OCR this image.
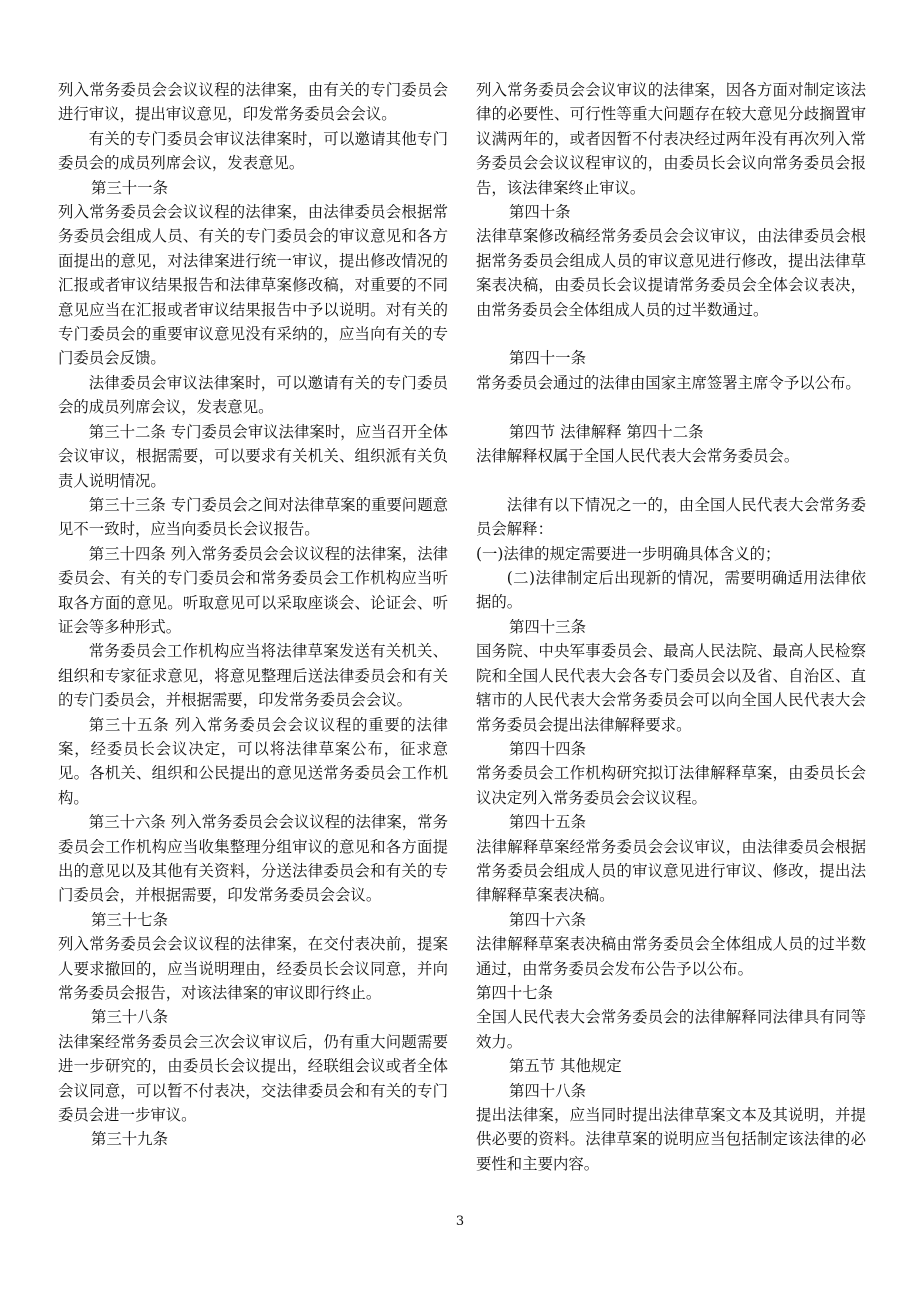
列入常务委员会会议议程的法律案，由有关的专门委员会进行审议，提出审议意见，印发常务委员会会议。

有关的专门委员会审议法律案时，可以邀请其他专门委员会的成员列席会议，发表意见。

第三十一条

列入常务委员会会议议程的法律案，由法律委员会根据常务委员会组成人员、有关的专门委员会的审议意见和各方面提出的意见，对法律案进行统一审议，提出修改情况的汇报或者审议结果报告和法律草案修改稿，对重要的不同意见应当在汇报或者审议结果报告中予以说明。对有关的专门委员会的重要审议意见没有采纳的，应当向有关的专门委员会反馈。

法律委员会审议法律案时，可以邀请有关的专门委员会的成员列席会议，发表意见。

第三十二条 专门委员会审议法律案时，应当召开全体会议审议，根据需要，可以要求有关机关、组织派有关负责人说明情况。

第三十三条 专门委员会之间对法律草案的重要问题意见不一致时，应当向委员长会议报告。

第三十四条 列入常务委员会会议议程的法律案，法律委员会、有关的专门委员会和常务委员会工作机构应当听取各方面的意见。听取意见可以采取座谈会、论证会、听证会等多种形式。

常务委员会工作机构应当将法律草案发送有关机关、组织和专家征求意见，将意见整理后送法律委员会和有关的专门委员会，并根据需要，印发常务委员会会议。

第三十五条 列入常务委员会会议议程的重要的法律案，经委员长会议决定，可以将法律草案公布，征求意见。各机关、组织和公民提出的意见送常务委员会工作机构。

第三十六条 列入常务委员会会议议程的法律案，常务委员会工作机构应当收集整理分组审议的意见和各方面提出的意见以及其他有关资料，分送法律委员会和有关的专门委员会，并根据需要，印发常务委员会会议。

第三十七条

列入常务委员会会议议程的法律案，在交付表决前，提案人要求撤回的，应当说明理由，经委员长会议同意，并向常务委员会报告，对该法律案的审议即行终止。

第三十八条

法律案经常务委员会三次会议审议后，仍有重大问题需要进一步研究的，由委员长会议提出，经联组会议或者全体会议同意，可以暂不付表决，交法律委员会和有关的专门委员会进一步审议。

第三十九条

列入常务委员会会议审议的法律案，因各方面对制定该法律的必要性、可行性等重大问题存在较大意见分歧搁置审议满两年的，或者因暂不付表决经过两年没有再次列入常务委员会会议议程审议的，由委员长会议向常务委员会报告，该法律案终止审议。

第四十条

法律草案修改稿经常务委员会会议审议，由法律委员会根据常务委员会组成人员的审议意见进行修改，提出法律草案表决稿，由委员长会议提请常务委员会全体会议表决，由常务委员会全体组成人员的过半数通过。

第四十一条

常务委员会通过的法律由国家主席签署主席令予以公布。

第四节 法律解释 第四十二条

法律解释权属于全国人民代表大会常务委员会。

法律有以下情况之一的，由全国人民代表大会常务委员会解释：

(一)法律的规定需要进一步明确具体含义的；

(二)法律制定后出现新的情况，需要明确适用法律依据的。

第四十三条

国务院、中央军事委员会、最高人民法院、最高人民检察院和全国人民代表大会各专门委员会以及省、自治区、直辖市的人民代表大会常务委员会可以向全国人民代表大会常务委员会提出法律解释要求。

第四十四条

常务委员会工作机构研究拟订法律解释草案，由委员长会议决定列入常务委员会会议议程。

第四十五条

法律解释草案经常务委员会会议审议，由法律委员会根据常务委员会组成人员的审议意见进行审议、修改，提出法律解释草案表决稿。

第四十六条

法律解释草案表决稿由常务委员会全体组成人员的过半数通过，由常务委员会发布公告予以公布。

第四十七条

全国人民代表大会常务委员会的法律解释同法律具有同等效力。

第五节 其他规定

第四十八条

提出法律案，应当同时提出法律草案文本及其说明，并提供必要的资料。法律草案的说明应当包括制定该法律的必要性和主要内容。

3
